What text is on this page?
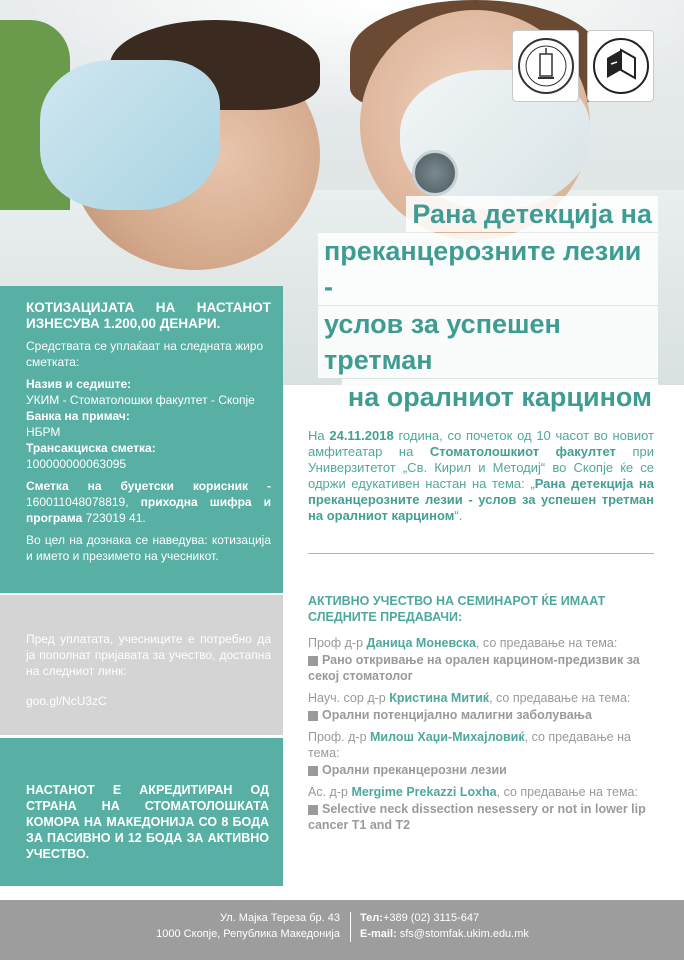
Рана детекција на
преканцерозните лезии -
услов за успешен третман
на оралниот карцином
КОТИЗАЦИЈАТА НА НАСТАНОТ ИЗНЕСУВА 1.200,00 ДЕНАРИ.

Средствата се уплаќаат на следната жиро сметката:

Назив и седиште:
УКИМ - Стоматолошки факултет - Скопје
Банка на примач:
НБРМ
Трансакциска сметка:
100000000063095

Сметка на буџетски корисник - 160011048078819, приходна шифра и програма 723019 41.

Во цел на дознака се наведува: котизација и името и презимето на учесникот.

Пред уплатата, учесниците е потребно да ја пополнат пријавата за учество, достапна на следниот линк:

goo.gl/NcU3zC

НАСТАНОТ Е АКРЕДИТИРАН ОД СТРАНА НА СТОМАТОЛОШКАТА КОМОРА НА МАКЕДОНИЈА СО 8 БОДА ЗА ПАСИВНО И 12 БОДА ЗА АКТИВНО УЧЕСТВО.
На 24.11.2018 година, со почеток од 10 часот во новиот амфитеатар на Стоматолошкиот факултет при Универзитетот „Св. Кирил и Методиј“ во Скопје ќе се одржи едукативен настан на тема: „Рана детекција на преканцерозните лезии - услов за успешен третман на оралниот карцином“.
АКТИВНО УЧЕСТВО НА СЕМИНАРОТ ЌЕ ИМААТ СЛЕДНИТЕ ПРЕДАВАЧИ:
Проф д-р Даница Моневска, со предавање на тема:
Рано откривање на орален карцином-предизвик за секој стоматолог
Науч. сор д-р Кристина Митиќ, со предавање на тема:
Орални потенцијално малигни заболувања
Проф. д-р Милош Хаџи-Михајловиќ, со предавање на тема:
Орални преканцерозни лезии
Ас. д-р Mergime Prekazzi Loxha, со предавање на тема:
Selective neck dissection nesessery or not in lower lip cancer T1 and T2
Ул. Мајка Тереза бр. 43
1000 Скопје, Република Македонија
Тел:+389 (02) 3115-647
E-mail: sfs@stomfak.ukim.edu.mk
